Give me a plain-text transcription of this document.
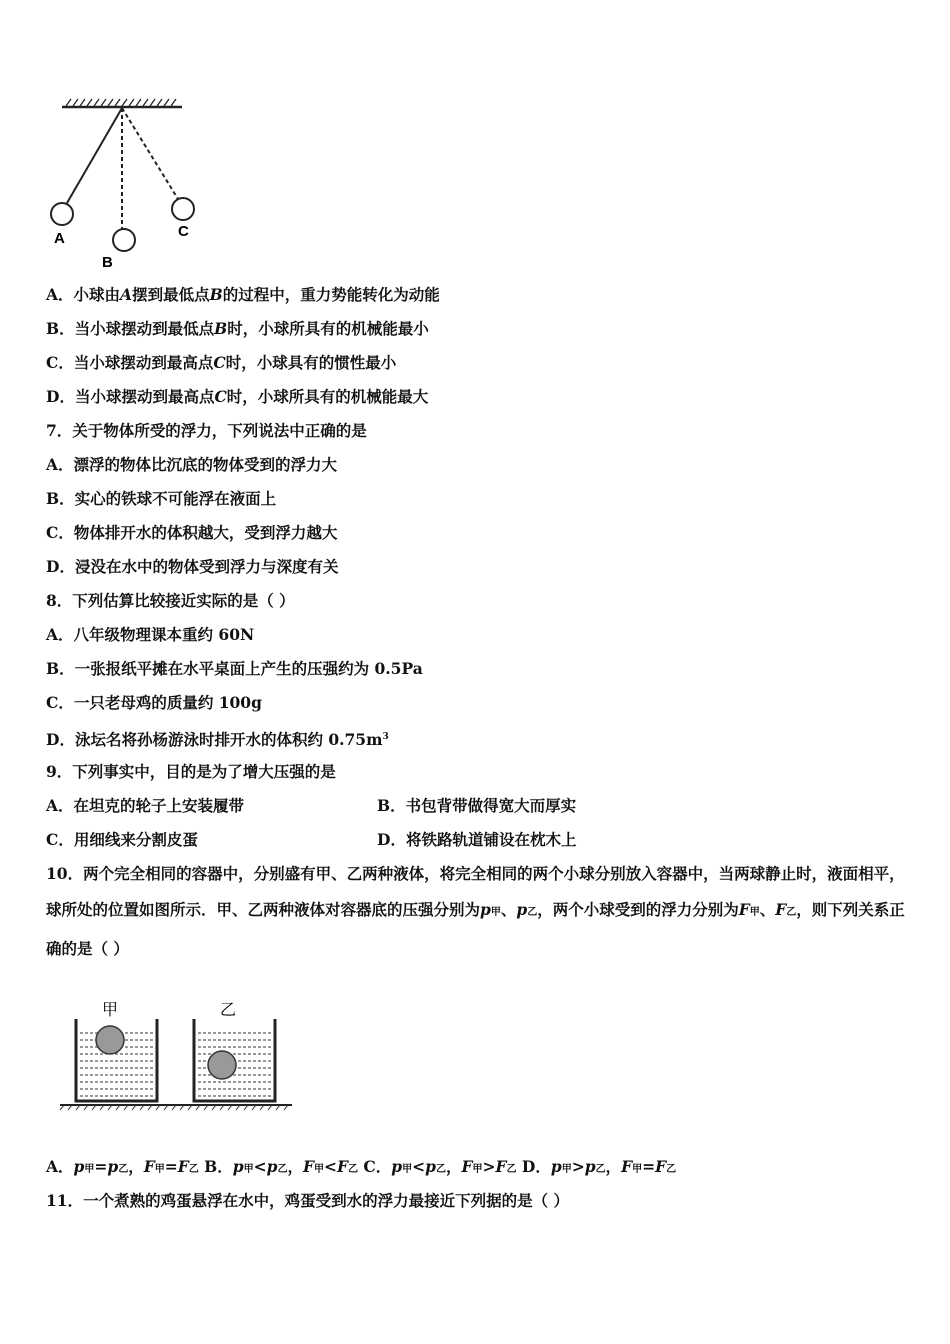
A
B
C
A．小球由A摆到最低点B的过程中，重力势能转化为动能
B．当小球摆动到最低点B时，小球所具有的机械能最小
C．当小球摆动到最高点C时，小球具有的惯性最小
D．当小球摆动到最高点C时，小球所具有的机械能最大
7．关于物体所受的浮力，下列说法中正确的是
A．漂浮的物体比沉底的物体受到的浮力大
B．实心的铁球不可能浮在液面上
C．物体排开水的体积越大，受到浮力越大
D．浸没在水中的物体受到浮力与深度有关
8．下列估算比较接近实际的是（ ）
A．八年级物理课本重约 60N
B．一张报纸平摊在水平桌面上产生的压强约为 0.5Pa
C．一只老母鸡的质量约 100g
D．泳坛名将孙杨游泳时排开水的体积约 $0.75m^3$
9．下列事实中，目的是为了增大压强的是
A．在坦克的轮子上安装履带	B．书包背带做得宽大而厚实
C．用细线来分割皮蛋	D．将铁路轨道铺设在枕木上
10．两个完全相同的容器中，分别盛有甲、乙两种液体，将完全相同的两个小球分别放入容器中，当两球静止时，液面相平，球所处的位置如图所示．甲、乙两种液体对容器底的压强分别为p甲、p乙，两个小球受到的浮力分别为F甲、F乙，则下列关系正确的是（ ）
甲	乙
A．p甲=p乙，F甲=F乙 B．p甲<p乙，F甲<F乙 C．p甲<p乙，F甲>F乙 D．p甲>p乙，F甲=F乙
11．一个煮熟的鸡蛋悬浮在水中，鸡蛋受到水的浮力最接近下列据的是（ ）
